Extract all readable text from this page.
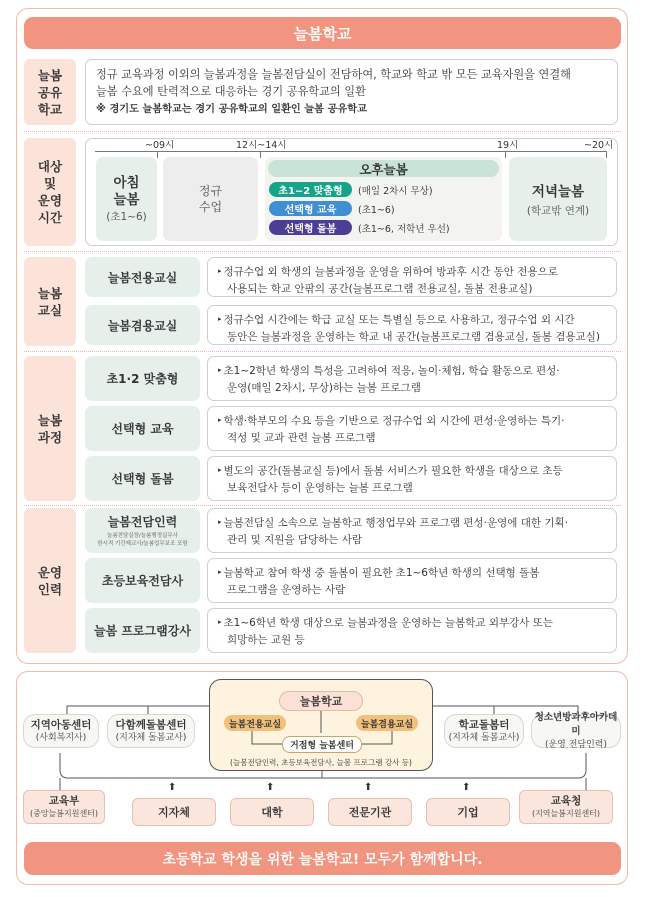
늘봄학교
늘봄
공유
학교
정규 교육과정 이외의 늘봄과정을 늘봄전담실이 전담하여, 학교와 학교 밖 모든 교육자원을 연결해
늘봄 수요에 탄력적으로 대응하는 경기 공유학교의 일환
※ 경기도 늘봄학교는 경기 공유학교의 일환인 늘봄 공유학교
대상
및
운영
시간
~09시	12시~14시	19시	~20시
아침
늘봄
(초1~6)
정규
수업
오후늘봄
초1~2 맞춤형	(매일 2차시 무상)
선택형 교육	(초1~6)
선택형 돌봄	(초1~6, 저학년 우선)
저녁늘봄
(학교밖 연계)
늘봄
교실
늘봄전용교실	▸ 정규수업 외 학생의 늘봄과정을 운영을 위하여 방과후 시간 동안 전용으로
사용되는 학교 안팎의 공간(늘봄프로그램 전용교실, 돌봄 전용교실)
늘봄겸용교실	▸ 정규수업 시간에는 학급 교실 또는 특별실 등으로 사용하고, 정규수업 외 시간
동안은 늘봄과정을 운영하는 학교 내 공간(늘봄프로그램 겸용교실, 돌봄 겸용교실)
늘봄
과정
초1·2 맞춤형
▸ 초1~2학년 학생의 특성을 고려하여 적응, 놀이·체험, 학습 활동으로 편성·
운영(매일 2차시, 무상)하는 늘봄 프로그램
선택형 교육
▸ 학생·학부모의 수요 등을 기반으로 정규수업 외 시간에 편성·운영하는 특기·
적성 및 교과 관련 늘봄 프로그램
선택형 돌봄
▸ 별도의 공간(돌봄교실 등)에서 돌봄 서비스가 필요한 학생을 대상으로 초등
보육전담사 등이 운영하는 늘봄 프로그램
운영
인력
늘봄전담인력
늘봄전담실장/늘봄행정실무사
한시적 기간제교사/늘봄업무보조 포함
▸ 늘봄전담실 소속으로 늘봄학교 행정업무와 프로그램 편성·운영에 대한 기획·
관리 및 지원을 담당하는 사람
초등보육전담사
▸ 늘봄학교 참여 학생 중 돌봄이 필요한 초1~6학년 학생의 선택형 돌봄
프로그램을 운영하는 사람
늘봄 프로그램강사
▸ 초1~6학년 학생 대상으로 늘봄과정을 운영하는 늘봄학교 외부강사 또는
희망하는 교원 등
늘봄학교
늘봄전용교실	늘봄겸용교실
거점형 늘봄센터
(늘봄전담인력, 초등보육전담사, 늘봄 프로그램 강사 등)
지역아동센터
(사회복지사)
다함께돌봄센터
(지자체 돌봄교사)
학교돌봄터
(지자체 돌봄교사)
청소년방과후아카데미
(운영 전담인력)
교육부
(중앙늘봄지원센터)
교육청
(지역늘봄지원센터)
⬆	⬆	⬆	⬆
지자체	대학	전문기관	기업
초등학교 학생을 위한 늘봄학교! 모두가 함께합니다.
